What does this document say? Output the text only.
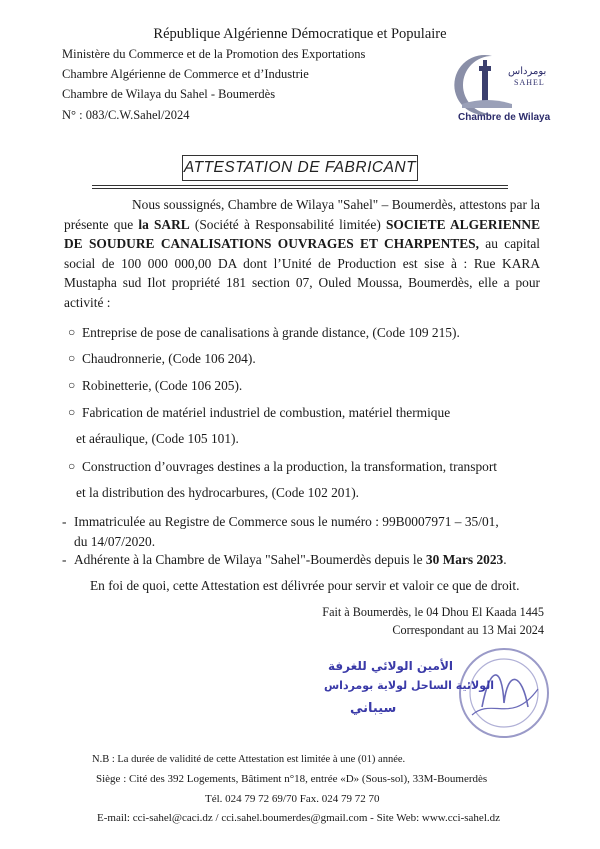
République Algérienne Démocratique et Populaire
Ministère du Commerce et de la Promotion des Exportations
Chambre Algérienne de Commerce et d’Industrie
Chambre de Wilaya du Sahel - Boumerdès
N° : 083/C.W.Sahel/2024
بومرداس
SAHEL
Chambre de Wilaya
ATTESTATION DE FABRICANT

Nous soussignés, Chambre de Wilaya "Sahel" – Boumerdès, attestons par la présente que la SARL (Société à Responsabilité limitée) SOCIETE ALGERIENNE DE SOUDURE CANALISATIONS OUVRAGES ET CHARPENTES, au capital social de 100 000 000,00 DA dont l’Unité de Production est sise à : Rue KARA Mustapha sud Ilot propriété 181 section 07, Ouled Moussa, Boumerdès, elle a pour activité :

○ Entreprise de pose de canalisations à grande distance, (Code 109 215).
○ Chaudronnerie, (Code 106 204).
○ Robinetterie, (Code 106 205).
○ Fabrication de matériel industriel de combustion, matériel thermique
et aéraulique, (Code 105 101).
○ Construction d’ouvrages destines a la production, la transformation, transport
et la distribution des hydrocarbures, (Code 102 201).
- Immatriculée au Registre de Commerce sous le numéro : 99B0007971 – 35/01,
du 14/07/2020.
- Adhérente à la Chambre de Wilaya "Sahel"-Boumerdès depuis le 30 Mars 2023.
En foi de quoi, cette Attestation est délivrée pour servir et valoir ce que de droit.
Fait à Boumerdès, le 04 Dhou El Kaada 1445
Correspondant au 13 Mai 2024
الأمين الولائي للغرفة
الولائية الساحل لولاية بومرداس
سيباني
N.B : La durée de validité de cette Attestation est limitée à une (01) année.
Siège : Cité des 392 Logements, Bâtiment n°18, entrée «D» (Sous-sol), 33M-Boumerdès
Tél. 024 79 72 69/70 Fax. 024 79 72 70
E-mail: cci-sahel@caci.dz / cci.sahel.boumerdes@gmail.com - Site Web: www.cci-sahel.dz
